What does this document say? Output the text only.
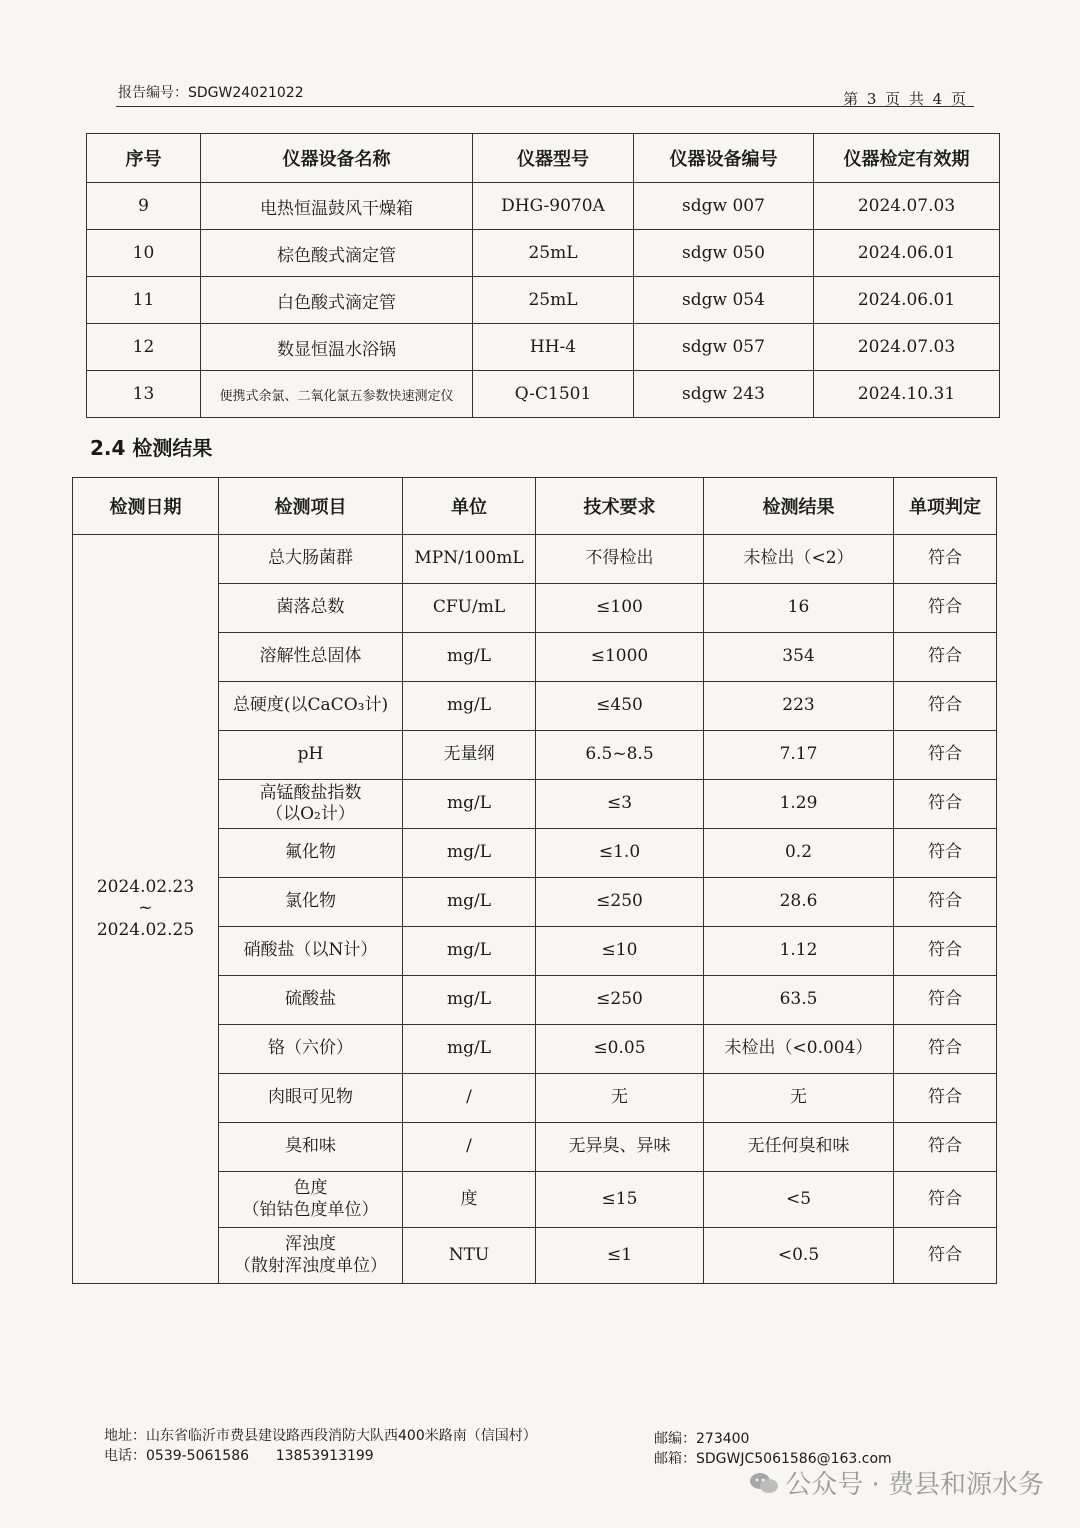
报告编号：SDGW24021022	第 3 页 共 4 页
序号	仪器设备名称	仪器型号	仪器设备编号	仪器检定有效期
9	电热恒温鼓风干燥箱	DHG-9070A	sdgw 007	2024.07.03
10	棕色酸式滴定管	25mL	sdgw 050	2024.06.01
11	白色酸式滴定管	25mL	sdgw 054	2024.06.01
12	数显恒温水浴锅	HH-4	sdgw 057	2024.07.03
13	便携式余氯、二氧化氯五参数快速测定仪	Q-C1501	sdgw 243	2024.10.31
2.4 检测结果
检测日期	检测项目	单位	技术要求	检测结果	单项判定

2024.02.23
~
2024.02.25	总大肠菌群	MPN/100mL	不得检出	未检出（<2）	符合
	菌落总数	CFU/mL	≤100	16	符合
	溶解性总固体	mg/L	≤1000	354	符合
	总硬度(以CaCO₃计)	mg/L	≤450	223	符合
	pH	无量纲	6.5~8.5	7.17	符合

	高锰酸盐指数
（以O₂计）	mg/L	≤3	1.29	符合
	氟化物	mg/L	≤1.0	0.2	符合
	氯化物	mg/L	≤250	28.6	符合
	硝酸盐（以N计）	mg/L	≤10	1.12	符合
	硫酸盐	mg/L	≤250	63.5	符合
	铬（六价）	mg/L	≤0.05	未检出（<0.004）	符合
	肉眼可见物	/	无	无	符合
	臭和味	/	无异臭、异味	无任何臭和味	符合

	色度
（铂钴色度单位）	度	≤15	<5	符合

	浑浊度
（散射浑浊度单位）	NTU	≤1	<0.5	符合
地址：山东省临沂市费县建设路西段消防大队西400米路南（信国村）
电话：0539-5061586 13853913199
邮编：273400
邮箱：SDGWJC5061586@163.com
公众号 · 费县和源水务
